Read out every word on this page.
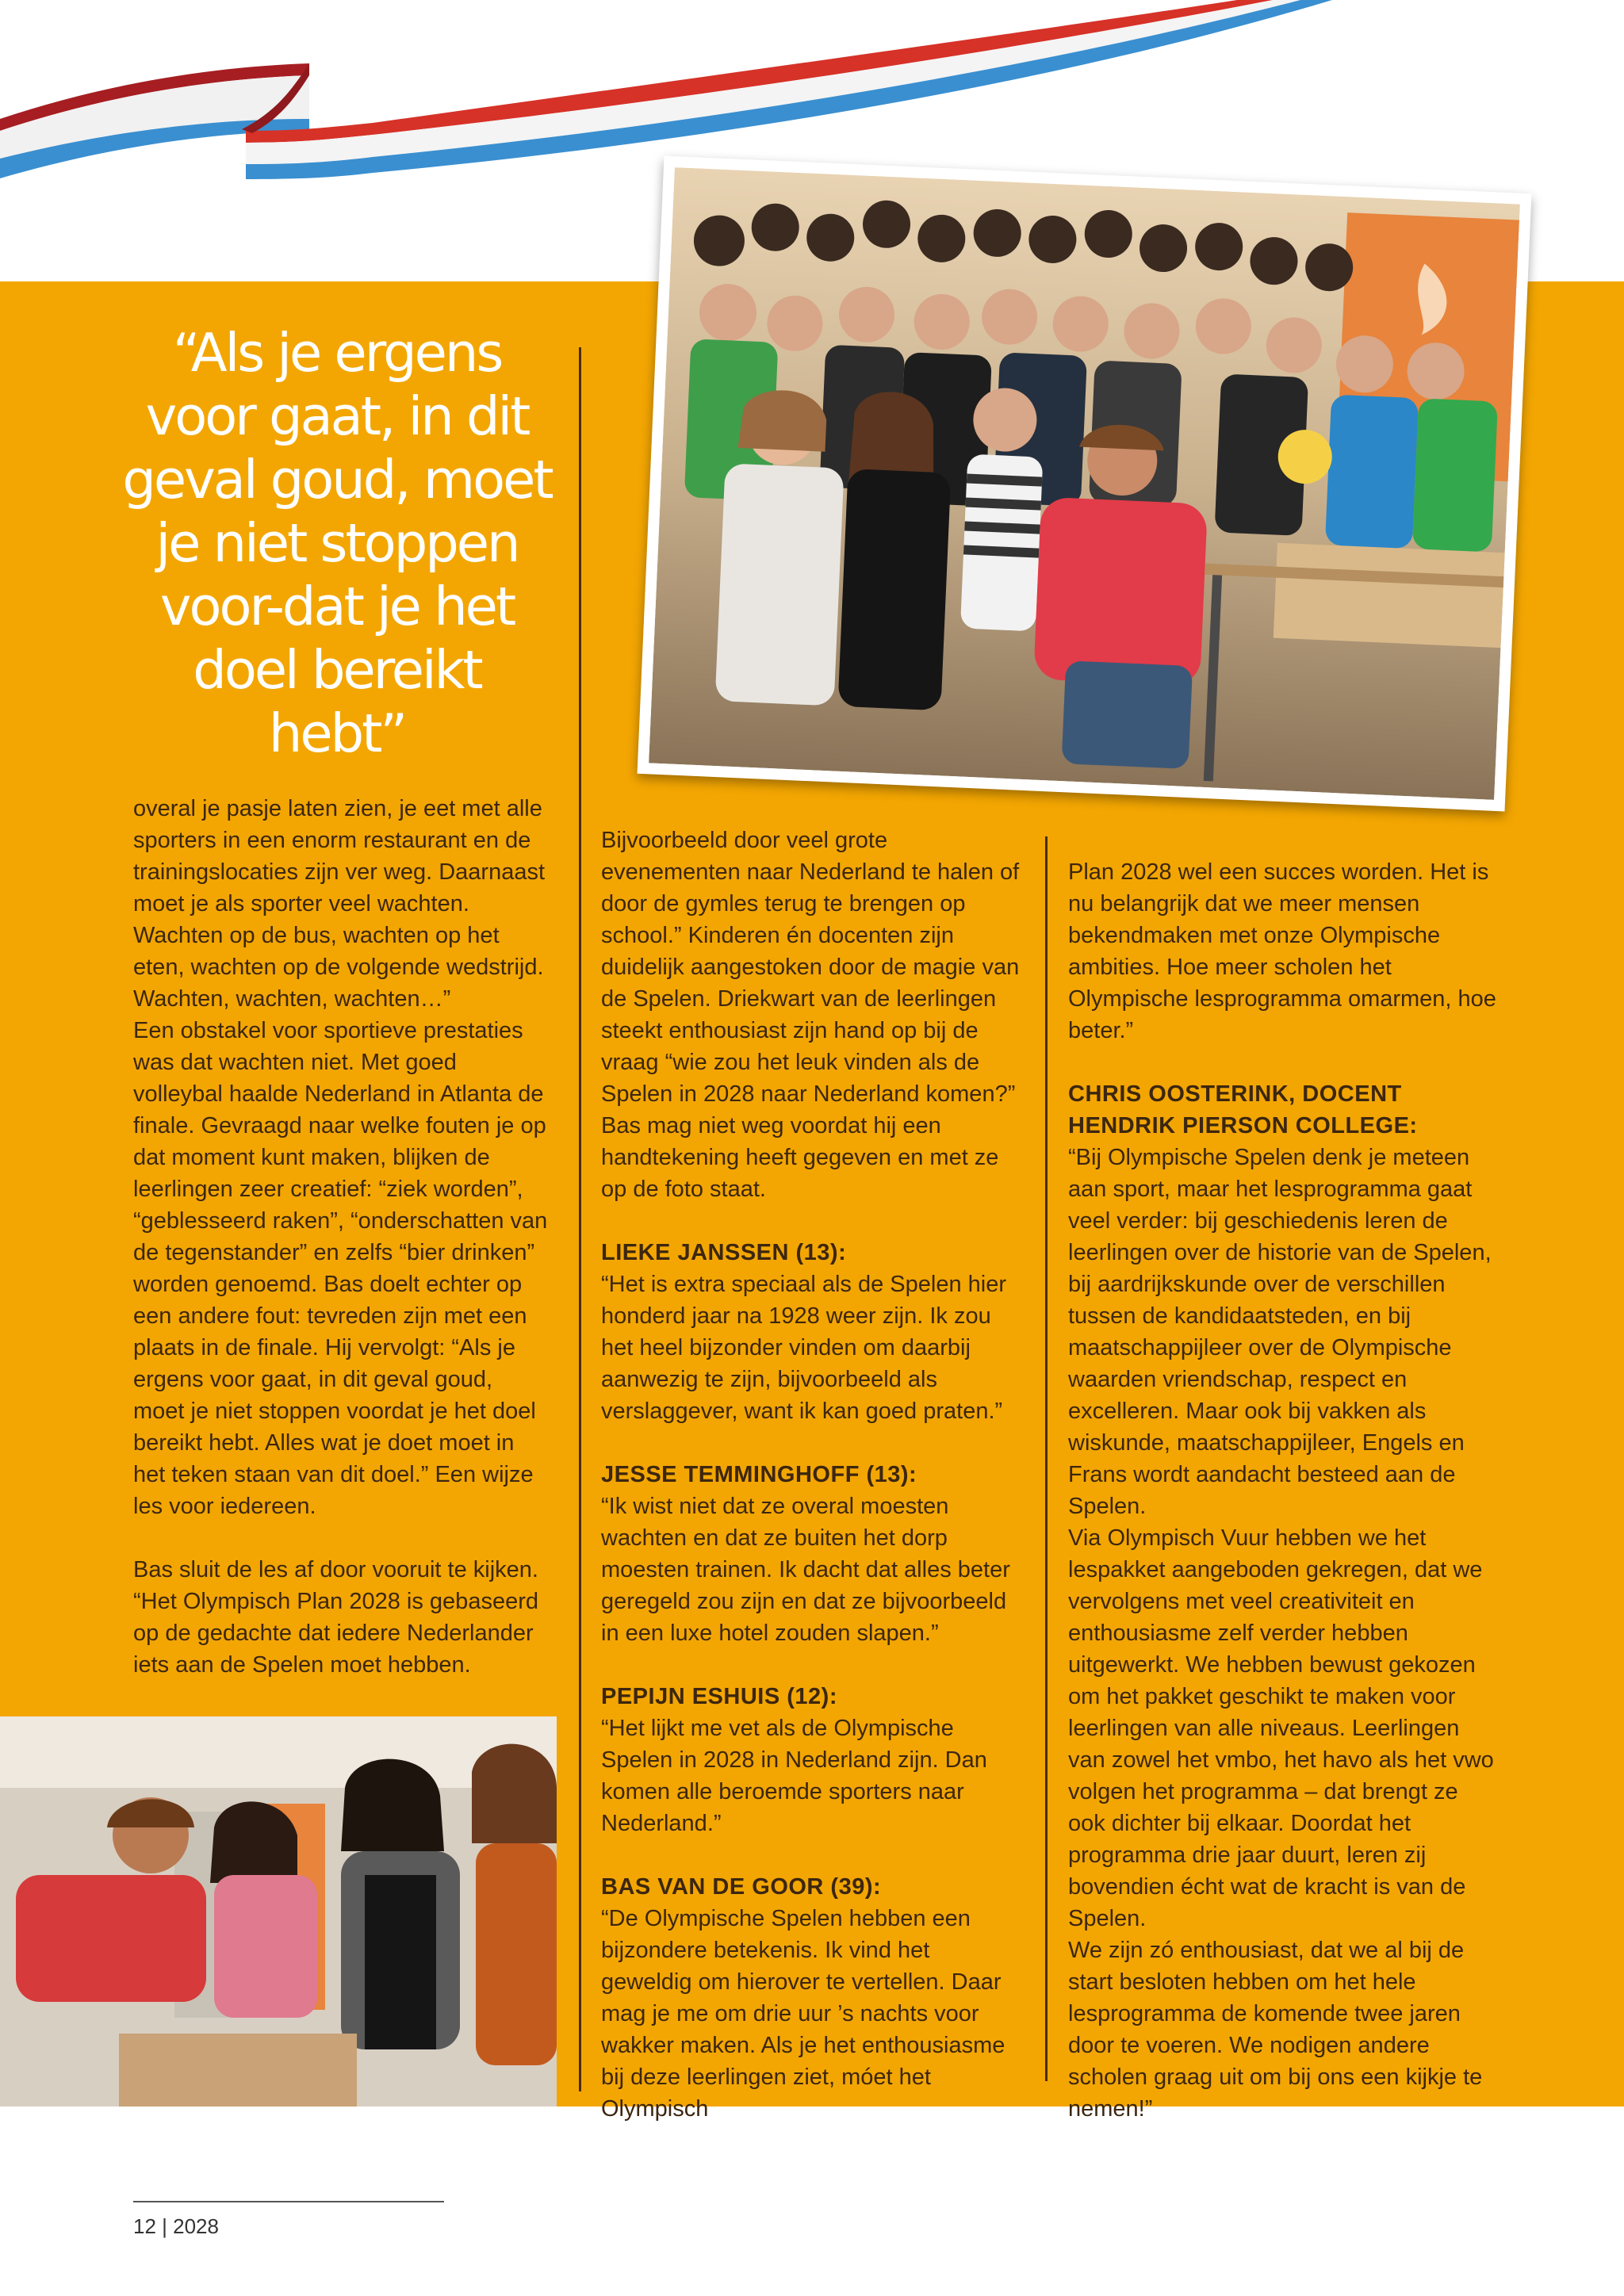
“Als je ergens voor gaat, in dit geval goud, moet je niet stoppen voor-dat je het doel bereikt hebt”

overal je pasje laten zien, je eet met alle sporters in een enorm restaurant en de trainingslocaties zijn ver weg. Daarnaast moet je als sporter veel wachten. Wachten op de bus, wachten op het eten, wachten op de volgende wedstrijd. Wachten, wachten, wachten…”

Een obstakel voor sportieve prestaties was dat wachten niet. Met goed volleybal haalde Nederland in Atlanta de finale. Gevraagd naar welke fouten je op dat moment kunt maken, blijken de leerlingen zeer creatief: “ziek worden”, “geblesseerd raken”, “onderschatten van de tegenstander” en zelfs “bier drinken” worden genoemd. Bas doelt echter op een andere fout: tevreden zijn met een plaats in de finale. Hij vervolgt: “Als je ergens voor gaat, in dit geval goud, moet je niet stoppen voordat je het doel bereikt hebt. Alles wat je doet moet in het teken staan van dit doel.” Een wijze les voor iedereen.

Bas sluit de les af door vooruit te kijken. “Het Olympisch Plan 2028 is gebaseerd op de gedachte dat iedere Nederlander iets aan de Spelen moet hebben.

Bijvoorbeeld door veel grote evenementen naar Nederland te halen of door de gymles terug te brengen op school.” Kinderen én docenten zijn duidelijk aangestoken door de magie van de Spelen. Driekwart van de leerlingen steekt enthousiast zijn hand op bij de vraag “wie zou het leuk vinden als de Spelen in 2028 naar Nederland komen?” Bas mag niet weg voordat hij een handtekening heeft gegeven en met ze op de foto staat.

LIEKE JANSSEN (13):

“Het is extra speciaal als de Spelen hier honderd jaar na 1928 weer zijn. Ik zou het heel bijzonder vinden om daarbij aanwezig te zijn, bijvoorbeeld als verslaggever, want ik kan goed praten.”

JESSE TEMMINGHOFF (13):

“Ik wist niet dat ze overal moesten wachten en dat ze buiten het dorp moesten trainen. Ik dacht dat alles beter geregeld zou zijn en dat ze bijvoorbeeld in een luxe hotel zouden slapen.”

PEPIJN ESHUIS (12):

“Het lijkt me vet als de Olympische Spelen in 2028 in Nederland zijn. Dan komen alle beroemde sporters naar Nederland.”

BAS VAN DE GOOR (39):

“De Olympische Spelen hebben een bijzondere betekenis. Ik vind het geweldig om hierover te vertellen. Daar mag je me om drie uur ’s nachts voor wakker maken. Als je het enthousiasme bij deze leerlingen ziet, móet het Olympisch

Plan 2028 wel een succes worden. Het is nu belangrijk dat we meer mensen bekendmaken met onze Olympische ambities. Hoe meer scholen het Olympische lesprogramma omarmen, hoe beter.”

CHRIS OOSTERINK, DOCENT HENDRIK PIERSON COLLEGE:

“Bij Olympische Spelen denk je meteen aan sport, maar het lesprogramma gaat veel verder: bij geschiedenis leren de leerlingen over de historie van de Spelen, bij aardrijkskunde over de verschillen tussen de kandidaatsteden, en bij maatschappijleer over de Olympische waarden vriendschap, respect en excelleren. Maar ook bij vakken als wiskunde, maatschappijleer, Engels en Frans wordt aandacht besteed aan de Spelen.

Via Olympisch Vuur hebben we het lespakket aangeboden gekregen, dat we vervolgens met veel creativiteit en enthousiasme zelf verder hebben uitgewerkt. We hebben bewust gekozen om het pakket geschikt te maken voor leerlingen van alle niveaus. Leerlingen van zowel het vmbo, het havo als het vwo volgen het programma – dat brengt ze ook dichter bij elkaar. Doordat het programma drie jaar duurt, leren zij bovendien écht wat de kracht is van de Spelen.

We zijn zó enthousiast, dat we al bij de start besloten hebben om het hele lesprogramma de komende twee jaren door te voeren. We nodigen andere scholen graag uit om bij ons een kijkje te nemen!”

12 | 2028
